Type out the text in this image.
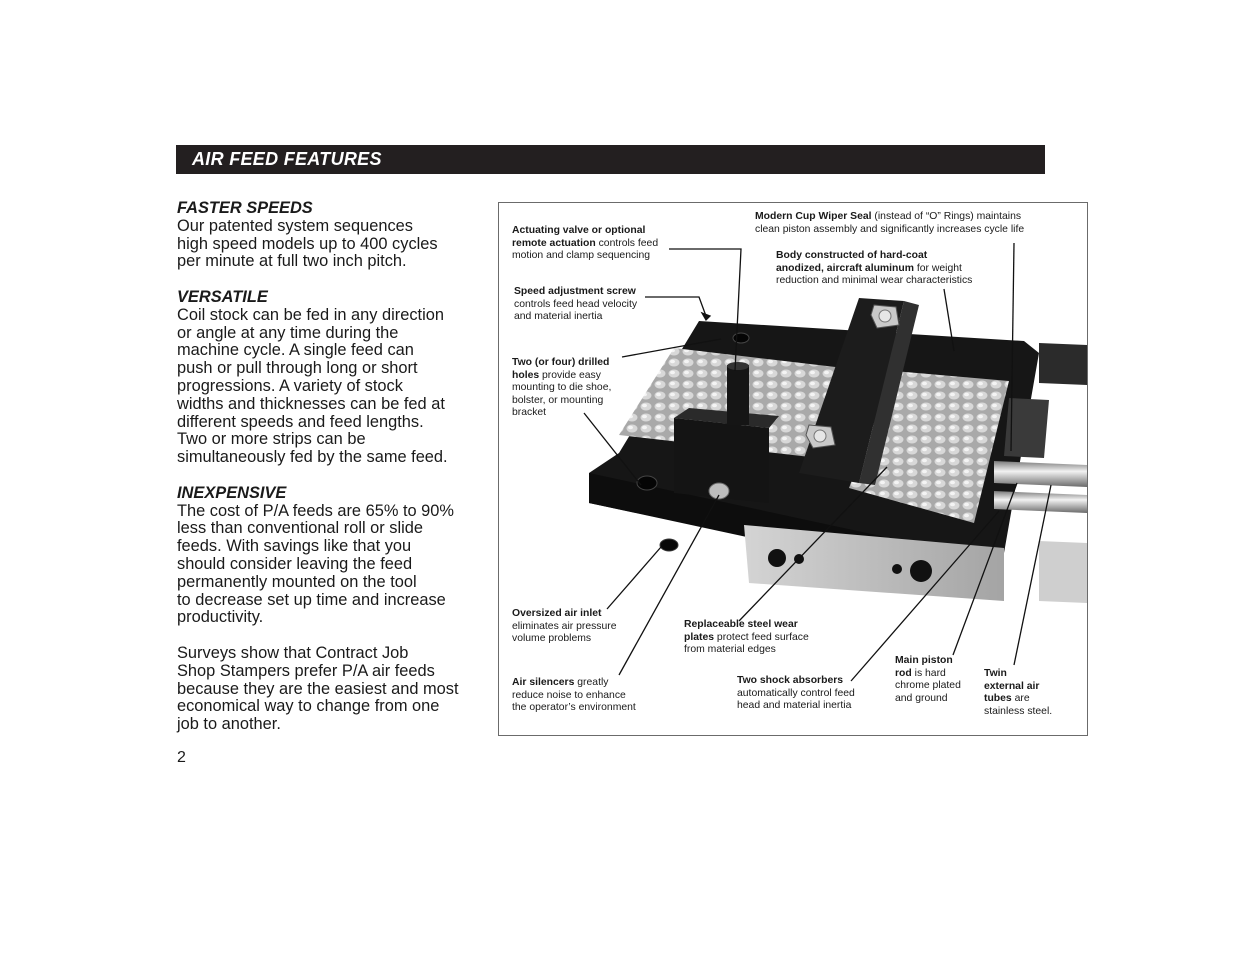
AIR FEED FEATURES
FASTER SPEEDS

Our patented system sequences
high speed models up to 400 cycles
per minute at full two inch pitch.

VERSATILE

Coil stock can be fed in any direction
or angle at any time during the
machine cycle. A single feed can
push or pull through long or short
progressions. A variety of stock
widths and thicknesses can be fed at
different speeds and feed lengths.
Two or more strips can be
simultaneously fed by the same feed.

INEXPENSIVE

The cost of P/A feeds are 65% to 90%
less than conventional roll or slide
feeds. With savings like that you
should consider leaving the feed
permanently mounted on the tool
to decrease set up time and increase
productivity.

Surveys show that Contract Job
Shop Stampers prefer P/A air feeds
because they are the easiest and most
economical way to change from one
job to another.

2
Actuating valve or optional
remote actuation controls feed
motion and clamp sequencing
Modern Cup Wiper Seal (instead of “O” Rings) maintains
clean piston assembly and significantly increases cycle life
Body constructed of hard-coat
anodized, aircraft aluminum for weight
reduction and minimal wear characteristics
Speed adjustment screw
controls feed head velocity
and material inertia
Two (or four) drilled
holes provide easy
mounting to die shoe,
bolster, or mounting
bracket
Oversized air inlet
eliminates air pressure
volume problems
Replaceable steel wear
plates protect feed surface
from material edges
Air silencers greatly
reduce noise to enhance
the operator’s environment
Two shock absorbers
automatically control feed
head and material inertia
Main piston
rod is hard
chrome plated
and ground
Twin
external air
tubes are
stainless steel.
